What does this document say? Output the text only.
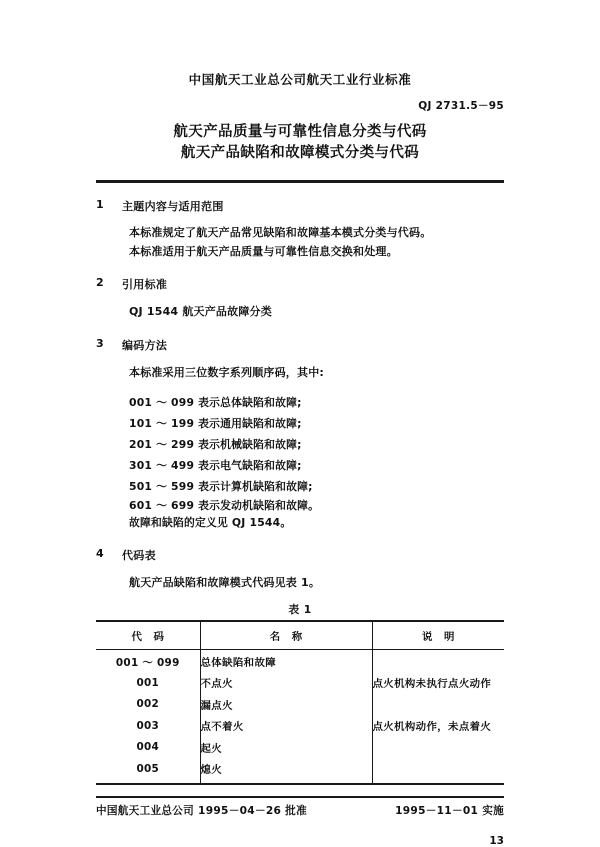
中国航天工业总公司航天工业行业标准
QJ 2731.5－95
航天产品质量与可靠性信息分类与代码
航天产品缺陷和故障模式分类与代码
1	主题内容与适用范围
本标准规定了航天产品常见缺陷和故障基本模式分类与代码。
本标准适用于航天产品质量与可靠性信息交换和处理。
2	引用标准
QJ 1544 航天产品故障分类
3	编码方法
本标准采用三位数字系列顺序码，其中:
001 ～ 099 表示总体缺陷和故障;
101 ～ 199 表示通用缺陷和故障;
201 ～ 299 表示机械缺陷和故障;
301 ～ 499 表示电气缺陷和故障;
501 ～ 599 表示计算机缺陷和故障;
601 ～ 699 表示发动机缺陷和故障。
故障和缺陷的定义见 QJ 1544。
4	代码表
航天产品缺陷和故障模式代码见表 1。
表 1
代 码	名 称	说 明
001 ～ 099	总体缺陷和故障	
001	不点火	点火机构未执行点火动作
002	漏点火	
003	点不着火	点火机构动作，未点着火
004	起火	
005	熄火	
中国航天工业总公司 1995－04－26 批准	1995－11－01 实施
13
